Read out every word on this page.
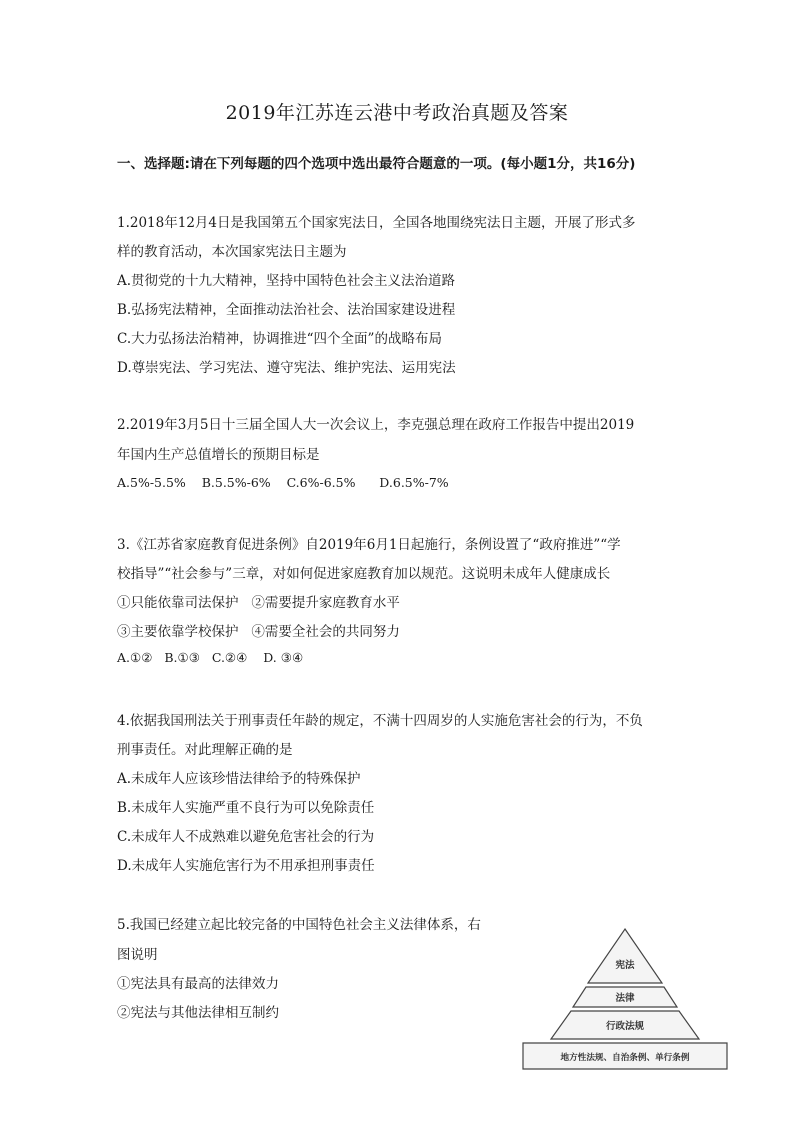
2019年江苏连云港中考政治真题及答案
一、选择题:请在下列每题的四个选项中选出最符合题意的一项。(每小题1分，共16分)
1.2018年12月4日是我国第五个国家宪法日，全国各地围绕宪法日主题，开展了形式多
样的教育活动，本次国家宪法日主题为
A.贯彻党的十九大精神，坚持中国特色社会主义法治道路
B.弘扬宪法精神，全面推动法治社会、法治国家建设进程
C.大力弘扬法治精神，协调推进“四个全面”的战略布局
D.尊崇宪法、学习宪法、遵守宪法、维护宪法、运用宪法
2.2019年3月5日十三届全国人大一次会议上，李克强总理在政府工作报告中提出2019
年国内生产总值增长的预期目标是
A.5%-5.5%    B.5.5%-6%    C.6%-6.5%      D.6.5%-7%
3.《江苏省家庭教育促进条例》自2019年6月1日起施行，条例设置了“政府推进”“学
校指导”“社会参与”三章，对如何促进家庭教育加以规范。这说明未成年人健康成长
①只能依靠司法保护   ②需要提升家庭教育水平
③主要依靠学校保护   ④需要全社会的共同努力
A.①②   B.①③   C.②④    D. ③④
4.依据我国刑法关于刑事责任年龄的规定，不满十四周岁的人实施危害社会的行为，不负
刑事责任。对此理解正确的是
A.未成年人应该珍惜法律给予的特殊保护
B.未成年人实施严重不良行为可以免除责任
C.未成年人不成熟难以避免危害社会的行为
D.未成年人实施危害行为不用承担刑事责任
5.我国已经建立起比较完备的中国特色社会主义法律体系，右
图说明
①宪法具有最高的法律效力
②宪法与其他法律相互制约
宪法
法律
行政法规
地方性法规、自治条例、单行条例
